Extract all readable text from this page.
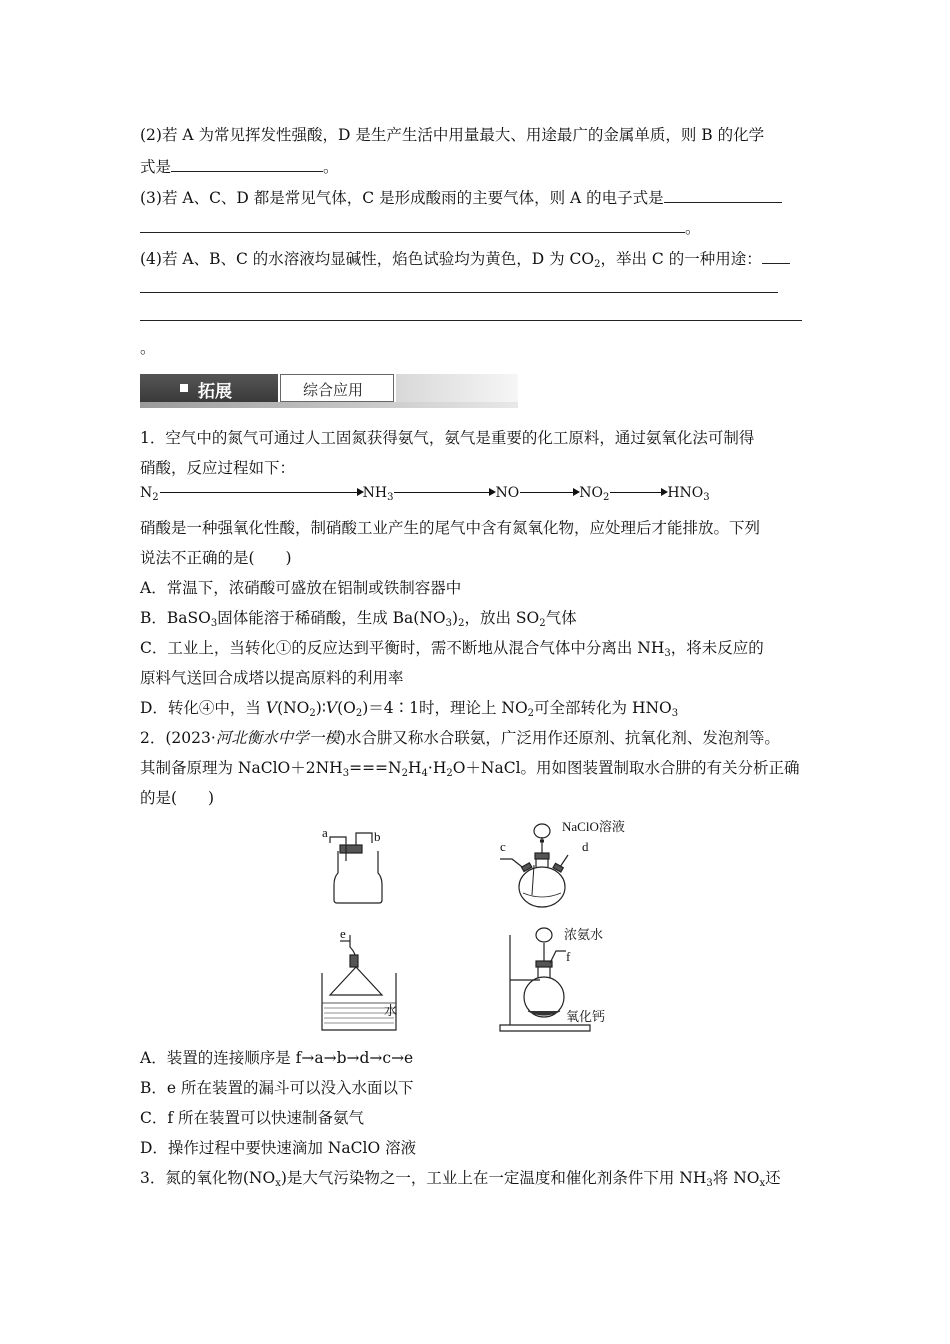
(2)若 A 为常见挥发性强酸，D 是生产生活中用量最大、用途最广的金属单质，则 B 的化学
式是	。
(3)若 A、C、D 都是常见气体，C 是形成酸雨的主要气体，则 A 的电子式是
。
(4)若 A、B、C 的水溶液均显碱性，焰色试验均为黄色，D 为 $CO_2$，举出 C 的一种用途：
。
拓展	综合应用
1．空气中的氮气可通过人工固氮获得氨气，氨气是重要的化工原料，通过氨氧化法可制得
硝酸，反应过程如下：
$N_2$	$NH_3$	NO	$NO_2$	$HNO_3$
硝酸是一种强氧化性酸，制硝酸工业产生的尾气中含有氮氧化物，应处理后才能排放。下列
说法不正确的是(　　)
A．常温下，浓硝酸可盛放在铝制或铁制容器中
B．BaSO$_3$固体能溶于稀硝酸，生成 $Ba(NO_3)_2$，放出 $SO_2$气体
C．工业上，当转化①的反应达到平衡时，需不断地从混合气体中分离出 $NH_3$，将未反应的
原料气送回合成塔以提高原料的利用率
D．转化④中，当 $V(NO_2)∶V(O_2)=4∶1$时，理论上 $NO_2$可全部转化为 $HNO_3$
2．(2023·河北衡水中学一模)水合肼又称水合联氨，广泛用作还原剂、抗氧化剂、发泡剂等。
其制备原理为 $NaClO+2NH_3===N_2H_4\cdot H_2O+NaCl$。用如图装置制取水合肼的有关分析正确
的是(　　)
a	b
c	d
NaClO溶液
e
水
浓氨水
f
氧化钙
A．装置的连接顺序是 f→a→b→d→c→e
B．e 所在装置的漏斗可以没入水面以下
C．f 所在装置可以快速制备氨气
D．操作过程中要快速滴加 NaClO 溶液
3．氮的氧化物$(NO_x)$是大气污染物之一，工业上在一定温度和催化剂条件下用 $NH_3$将 $NO_x$还
